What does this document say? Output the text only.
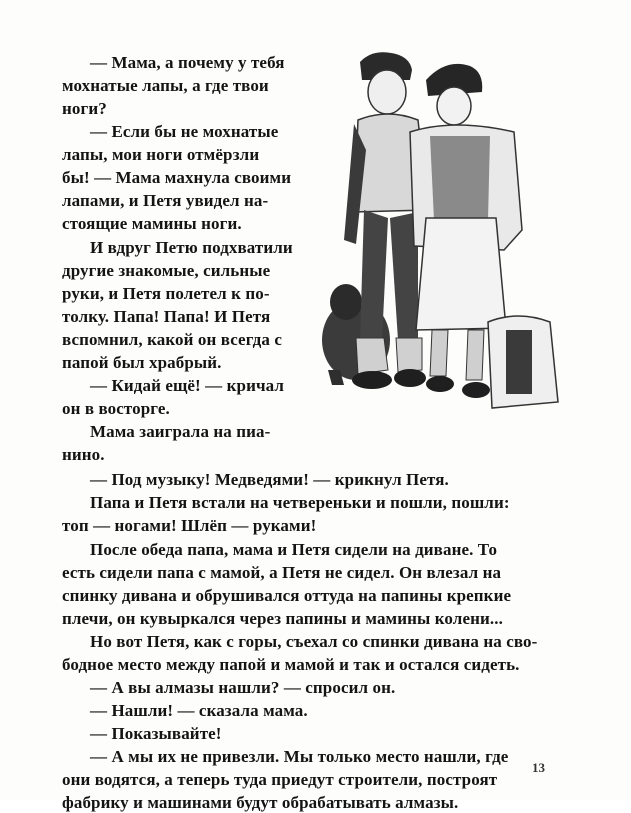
— Мама, а почему у тебя
мохнатые лапы, а где твои
ноги?
— Если бы не мохнатые
лапы, мои ноги отмёрзли
бы! — Мама махнула своими
лапами, и Петя увидел на-
стоящие мамины ноги.
И вдруг Петю подхватили
другие знакомые, сильные
руки, и Петя полетел к по-
толку. Папа! Папа! И Петя
вспомнил, какой он всегда с
папой был храбрый.
— Кидай ещё! — кричал
он в восторге.
Мама заиграла на пиа-
нино.
— Под музыку! Медведями! — крикнул Петя.
Папа и Петя встали на четвереньки и пошли, пошли:
топ — ногами! Шлёп — руками!
После обеда папа, мама и Петя сидели на диване. То
есть сидели папа с мамой, а Петя не сидел. Он влезал на
спинку дивана и обрушивался оттуда на папины крепкие
плечи, он кувыркался через папины и мамины колени...
Но вот Петя, как с горы, съехал со спинки дивана на сво-
бодное место между папой и мамой и так и остался сидеть.
— А вы алмазы нашли? — спросил он.
— Нашли! — сказала мама.
— Показывайте!
— А мы их не привезли. Мы только место нашли, где
они водятся, а теперь туда приедут строители, построят
фабрику и машинами будут обрабатывать алмазы.
13
